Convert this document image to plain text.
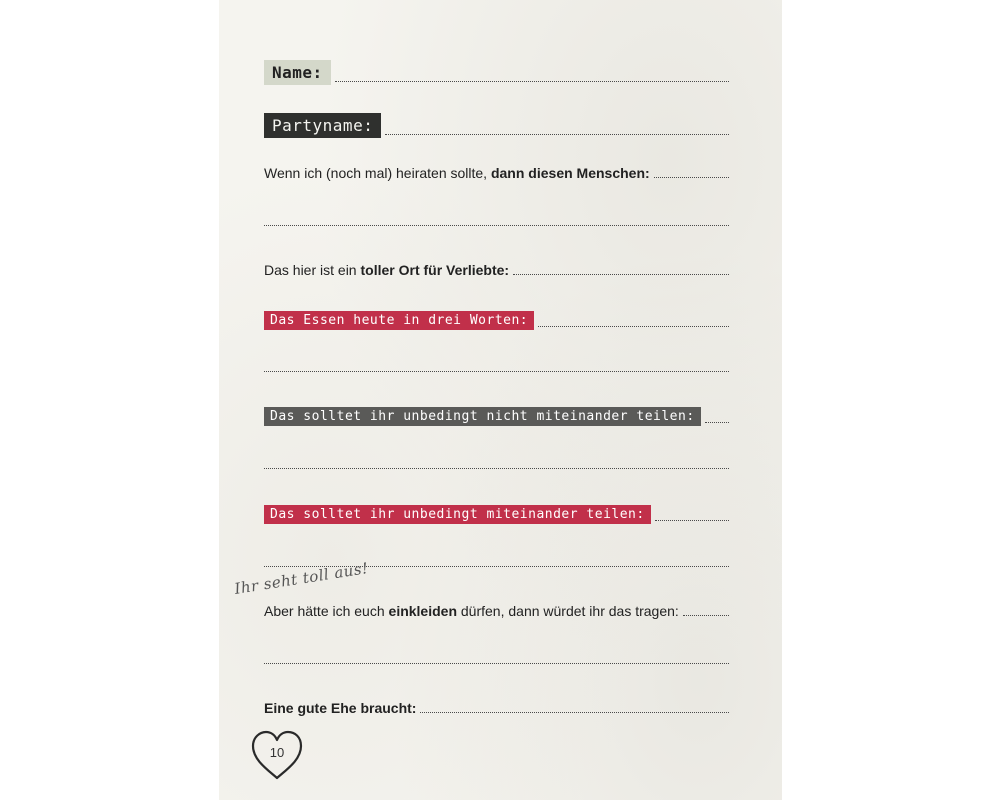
Name:
Partyname:
Wenn ich (noch mal) heiraten sollte, dann diesen Menschen:
Das hier ist ein toller Ort für Verliebte:
Das Essen heute in drei Worten:
Das solltet ihr unbedingt nicht miteinander teilen:
Das solltet ihr unbedingt miteinander teilen:
Ihr seht toll aus!
Aber hätte ich euch einkleiden dürfen, dann würdet ihr das tragen:
Eine gute Ehe braucht:
10
